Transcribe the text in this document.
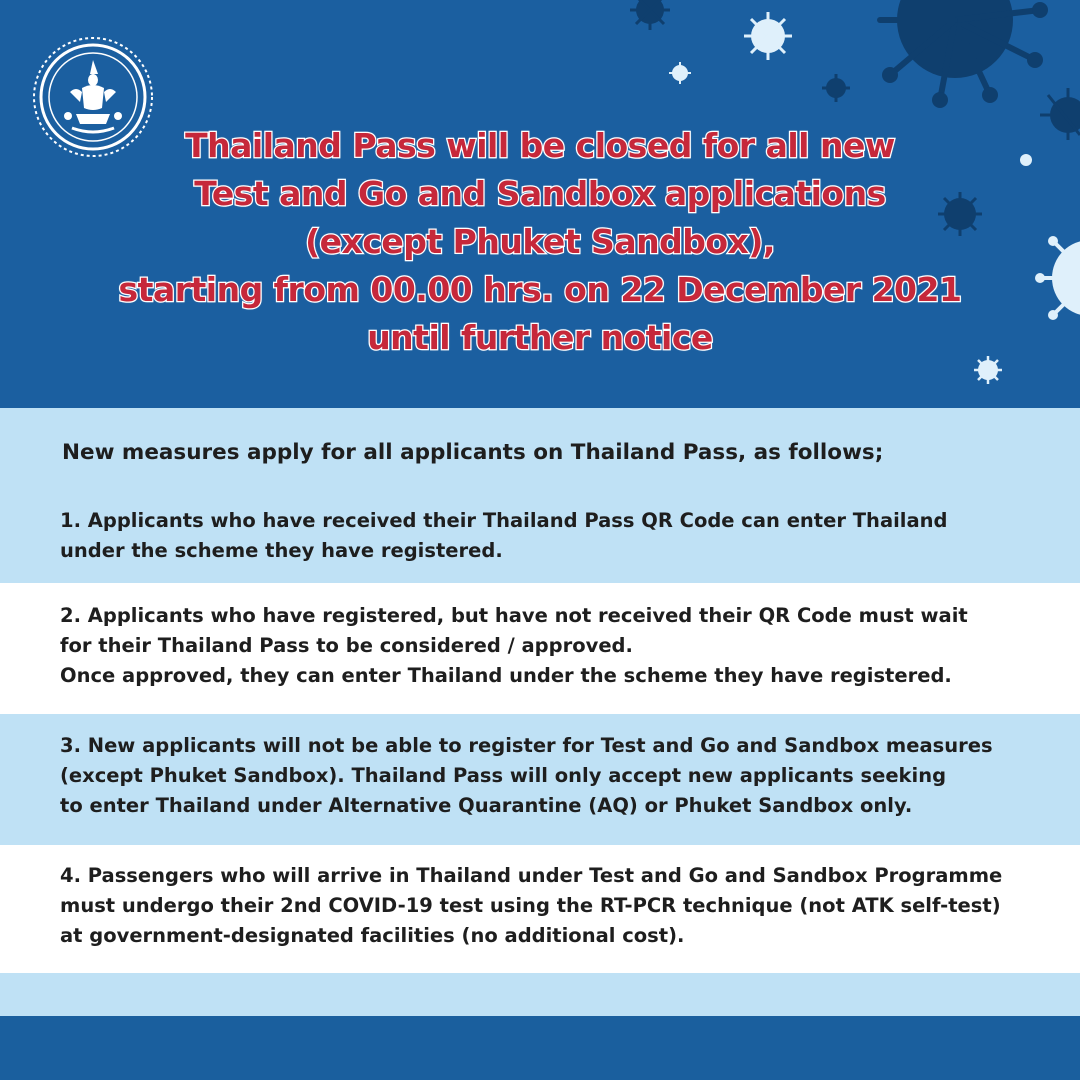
Thailand Pass will be closed for all new
Test and Go and Sandbox applications
(except Phuket Sandbox),
starting from 00.00 hrs. on 22 December 2021
until further notice
New measures apply for all applicants on Thailand Pass, as follows;
1. Applicants who have received their Thailand Pass QR Code can enter Thailand
under the scheme they have registered.
2. Applicants who have registered, but have not received their QR Code must wait
for their Thailand Pass to be considered / approved.
Once approved, they can enter Thailand under the scheme they have registered.
3. New applicants will not be able to register for Test and Go and Sandbox measures
(except Phuket Sandbox). Thailand Pass will only accept new applicants seeking
to enter Thailand under Alternative Quarantine (AQ) or Phuket Sandbox only.
4. Passengers who will arrive in Thailand under Test and Go and Sandbox Programme
must undergo their 2nd COVID-19 test using the RT-PCR technique (not ATK self-test)
at government-designated facilities (no additional cost).
